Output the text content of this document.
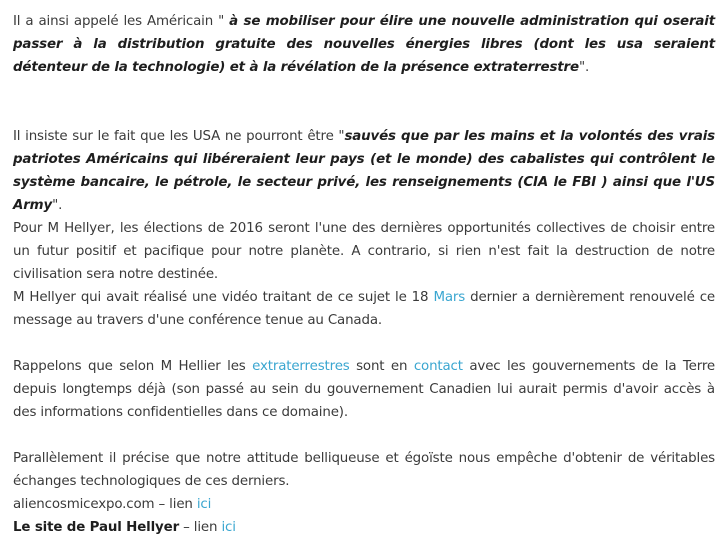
Il a ainsi appelé les Américain " à se mobiliser pour élire une nouvelle administration qui oserait passer à la distribution gratuite des nouvelles énergies libres (dont les usa seraient détenteur de la technologie) et à la révélation de la présence extraterrestre".

Il insiste sur le fait que les USA ne pourront être "sauvés que par les mains et la volontés des vrais patriotes Américains qui libéreraient leur pays (et le monde) des cabalistes qui contrôlent le système bancaire, le pétrole, le secteur privé, les renseignements (CIA le FBI ) ainsi que l'US Army".

Pour M Hellyer, les élections de 2016 seront l'une des dernières opportunités collectives de choisir entre un futur positif et pacifique pour notre planète. A contrario, si rien n'est fait la destruction de notre civilisation sera notre destinée.

M Hellyer qui avait réalisé une vidéo traitant de ce sujet le 18 Mars dernier a dernièrement renouvelé ce message au travers d'une conférence tenue au Canada.

Rappelons que selon M Hellier les extraterrestres sont en contact avec les gouvernements de la Terre depuis longtemps déjà (son passé au sein du gouvernement Canadien lui aurait permis d'avoir accès à des informations confidentielles dans ce domaine).

Parallèlement il précise que notre attitude belliqueuse et égoïste nous empêche d'obtenir de véritables échanges technologiques de ces derniers.

aliencosmicexpo.com – lien ici

Le site de Paul Hellyer – lien ici
